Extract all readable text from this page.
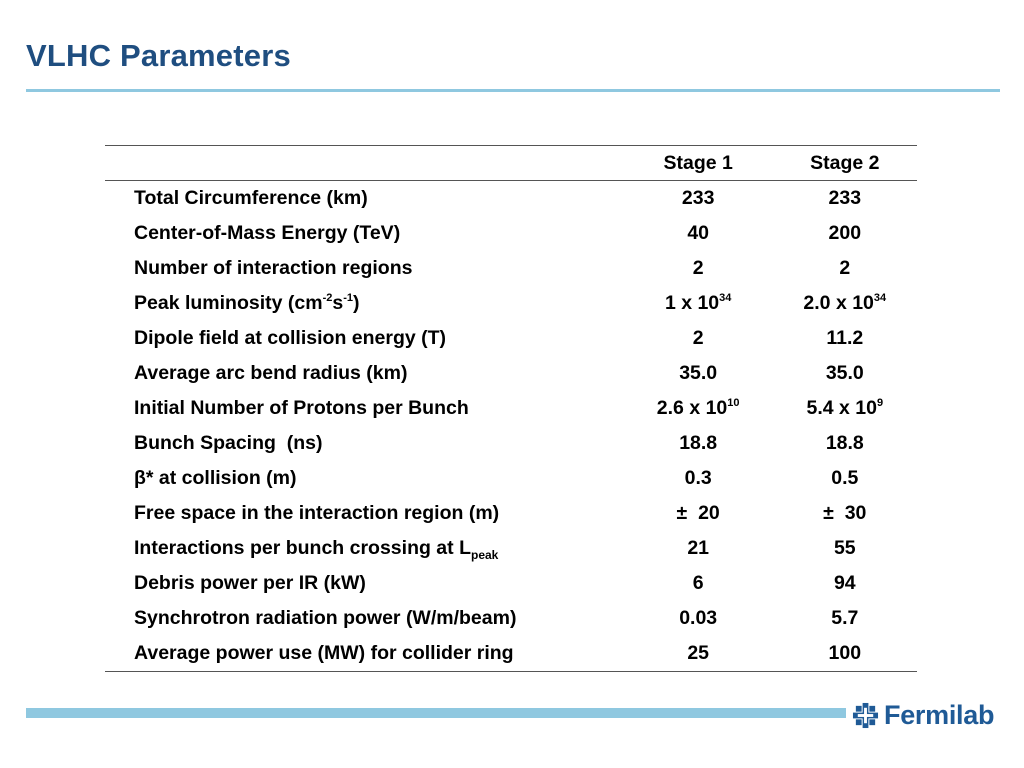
VLHC Parameters
	Stage 1	Stage 2
Total Circumference (km)	233	233
Center-of-Mass Energy (TeV)	40	200
Number of interaction regions	2	2
Peak luminosity $(cm^{-2}s^{-1})$	1 x $10^{34}$	2.0 x $10^{34}$
Dipole field at collision energy (T)	2	11.2
Average arc bend radius (km)	35.0	35.0
Initial Number of Protons per Bunch	2.6 x $10^{10}$	5.4 x $10^9$
Bunch Spacing  (ns)	18.8	18.8
β* at collision (m)	0.3	0.5
Free space in the interaction region (m)	±  20	±  30
Interactions per bunch crossing at $L_{peak}$	21	55
Debris power per IR (kW)	6	94
Synchrotron radiation power (W/m/beam)	0.03	5.7
Average power use (MW) for collider ring	25	100
Fermilab
